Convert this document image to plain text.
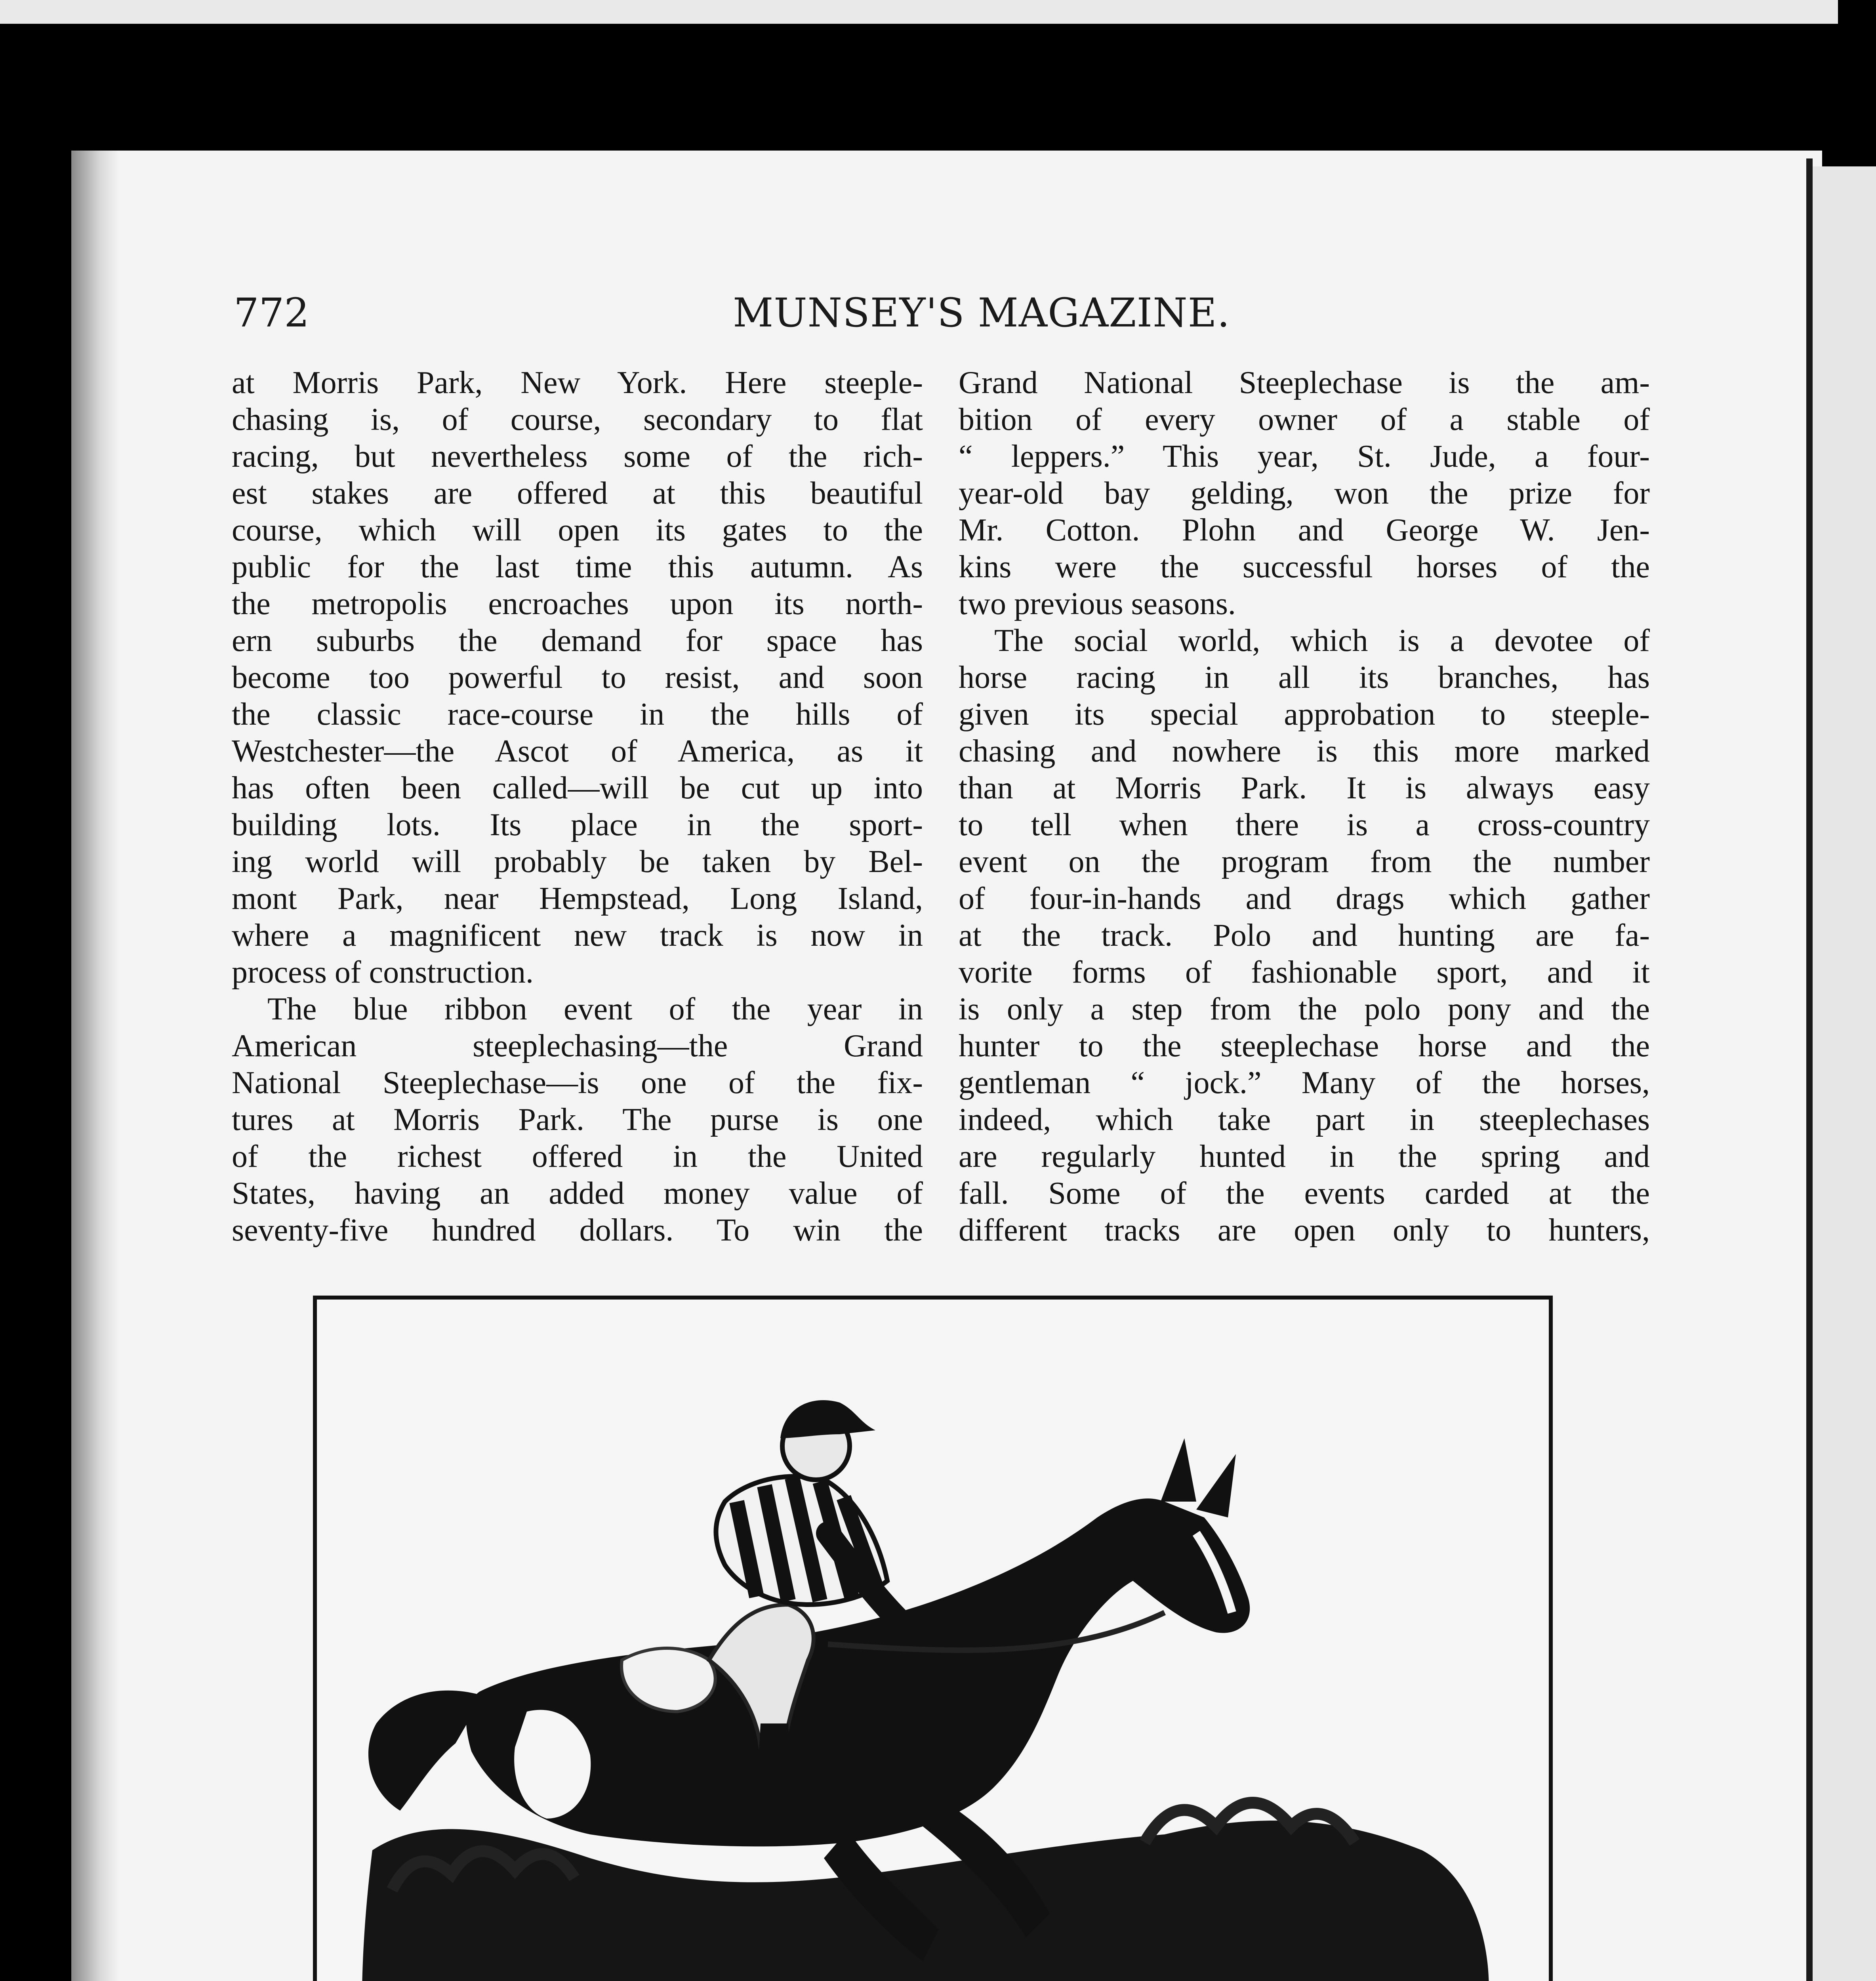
772	MUNSEY'S MAGAZINE.
at Morris Park, New York. Here steeple-
chasing is, of course, secondary to flat
racing, but nevertheless some of the rich-
est stakes are offered at this beautiful
course, which will open its gates to the
public for the last time this autumn. As
the metropolis encroaches upon its north-
ern suburbs the demand for space has
become too powerful to resist, and soon
the classic race-course in the hills of
Westchester—the Ascot of America, as it
has often been called—will be cut up into
building lots. Its place in the sport-
ing world will probably be taken by Bel-
mont Park, near Hempstead, Long Island,
where a magnificent new track is now in
process of construction.
The blue ribbon event of the year in
American steeplechasing—the Grand
National Steeplechase—is one of the fix-
tures at Morris Park. The purse is one
of the richest offered in the United
States, having an added money value of
seventy-five hundred dollars. To win the
Grand National Steeplechase is the am-
bition of every owner of a stable of
“ leppers.” This year, St. Jude, a four-
year-old bay gelding, won the prize for
Mr. Cotton. Plohn and George W. Jen-
kins were the successful horses of the
two previous seasons.
The social world, which is a devotee of
horse racing in all its branches, has
given its special approbation to steeple-
chasing and nowhere is this more marked
than at Morris Park. It is always easy
to tell when there is a cross-country
event on the program from the number
of four-in-hands and drags which gather
at the track. Polo and hunting are fa-
vorite forms of fashionable sport, and it
is only a step from the polo pony and the
hunter to the steeplechase horse and the
gentleman “ jock.” Many of the horses,
indeed, which take part in steeplechases
are regularly hunted in the spring and
fall. Some of the events carded at the
different tracks are open only to hunters,
